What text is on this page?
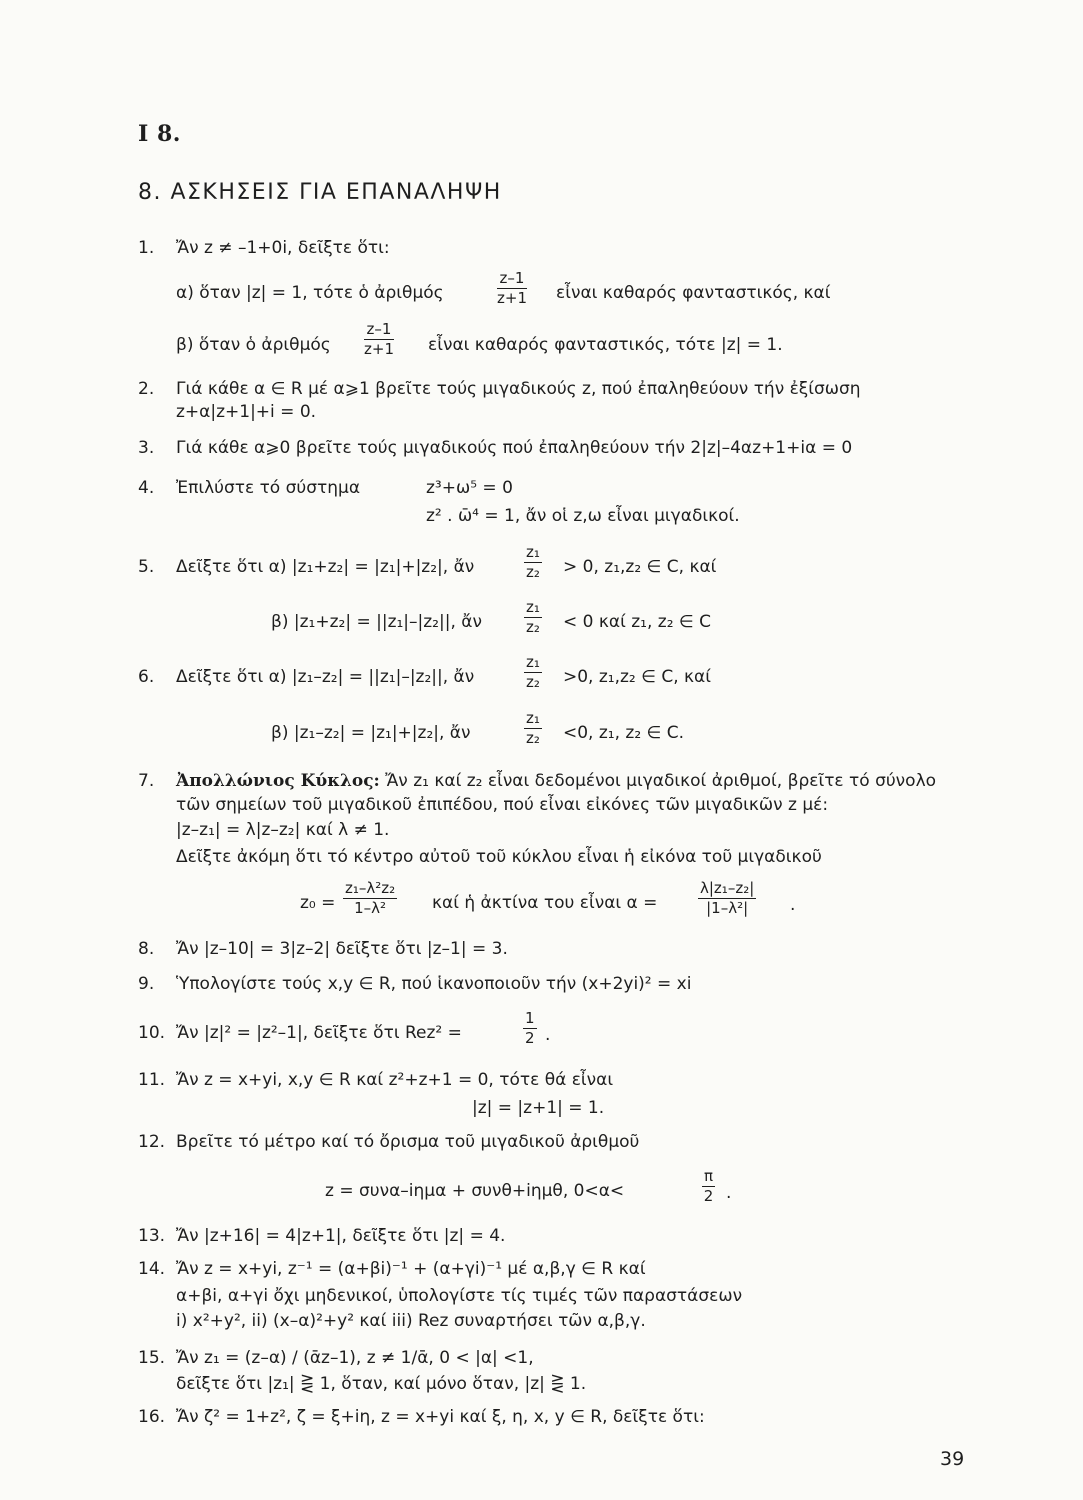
Ι 8.
8. ΑΣΚΗΣΕΙΣ ΓΙΑ ΕΠΑΝΑΛΗΨΗ
1. Ἄν z ≠ –1+0i, δεῖξτε ὅτι:
α) ὅταν |z| = 1, τότε ὁ ἀριθμός	$\frac{z-1}{z+1}$ εἶναι καθαρός φανταστικός, καί
β) ὅταν ὁ ἀριθμός $\frac{z-1}{z+1}$ εἶναι καθαρός φανταστικός, τότε |z| = 1.
2. Γιά κάθε α ∈ R μέ α⩾1 βρεῖτε τούς μιγαδικούς z, πού ἐπαληθεύουν τήν ἐξίσωση
z+α|z+1|+i = 0.
3. Γιά κάθε α⩾0 βρεῖτε τούς μιγαδικούς πού ἐπαληθεύουν τήν 2|z|–4αz+1+iα = 0
4. Ἐπιλύστε τό σύστημα	z³+ω⁵ = 0
z² . ω̄⁴ = 1, ἄν οἱ z,ω εἶναι μιγαδικοί.
5. Δεῖξτε ὅτι α) |z₁+z₂| = |z₁|+|z₂|, ἄν	$\frac{\text{z₁}}{\text{z₂}} > 0$, z₁,z₂ ∈ C, καί
β) |z₁+z₂| = ||z₁|–|z₂||, ἄν	$\frac{\text{z₁}}{\text{z₂}} < 0$ καί z₁, z₂ ∈ C
6. Δεῖξτε ὅτι α) |z₁–z₂| = ||z₁|–|z₂||, ἄν	$\frac{\text{z₁}}{\text{z₂}} >0$, z₁,z₂ ∈ C, καί
β) |z₁–z₂| = |z₁|+|z₂|, ἄν	$\frac{\text{z₁}}{\text{z₂}} <0$, z₁, z₂ ∈ C.
7. Ἀπολλώνιος Κύκλος: Ἄν z₁ καί z₂ εἶναι δεδομένοι μιγαδικοί ἀριθμοί, βρεῖτε τό σύνολο
τῶν σημείων τοῦ μιγαδικοῦ ἐπιπέδου, πού εἶναι εἰκόνες τῶν μιγαδικῶν z μέ:
|z–z₁| = λ|z–z₂| καί λ ≠ 1.
Δεῖξτε ἀκόμη ὅτι τό κέντρο αὐτοῦ τοῦ κύκλου εἶναι ἡ εἰκόνα τοῦ μιγαδικοῦ
$z_0 = \frac{\text{z₁–λ²z₂}}{\text{1–λ²}}$ καί ἡ ἀκτίνα του εἶναι α =	$\frac{\text{λ|z₁–z₂|}}{\text{|1–λ²|}}$ .
8. Ἄν |z–10| = 3|z–2| δεῖξτε ὅτι |z–1| = 3.
9. Ὑπολογίστε τούς x,y ∈ R, πού ἱκανοποιοῦν τήν (x+2yi)² = xi
10. Ἄν |z|² = |z²–1|, δεῖξτε ὅτι Rez² =	$\frac{1}{2}$ .
11. Ἄν z = x+yi, x,y ∈ R καί z²+z+1 = 0, τότε θά εἶναι
|z| = |z+1| = 1.
12. Βρεῖτε τό μέτρο καί τό ὄρισμα τοῦ μιγαδικοῦ ἀριθμοῦ
z = συνα–iημα + συνθ+iημθ, 0<α<	$\frac{\pi}{2}$ .
13. Ἄν |z+16| = 4|z+1|, δεῖξτε ὅτι |z| = 4.
14. Ἄν z = x+yi, z⁻¹ = (α+βi)⁻¹ + (α+γi)⁻¹ μέ α,β,γ ∈ R καί
α+βi, α+γi ὄχι μηδενικοί, ὑπολογίστε τίς τιμές τῶν παραστάσεων
i) x²+y², ii) (x–α)²+y² καί iii) Rez συναρτήσει τῶν α,β,γ.
15. Ἄν z₁ = (z–α) / (ᾱz–1), z ≠ 1/ᾱ, 0 < |α| <1,
δεῖξτε ὅτι |z₁| ⋛ 1, ὅταν, καί μόνο ὅταν, |z| ⋛ 1.
16. Ἄν ζ² = 1+z², ζ = ξ+iη, z = x+yi καί ξ, η, x, y ∈ R, δεῖξτε ὅτι:
39
